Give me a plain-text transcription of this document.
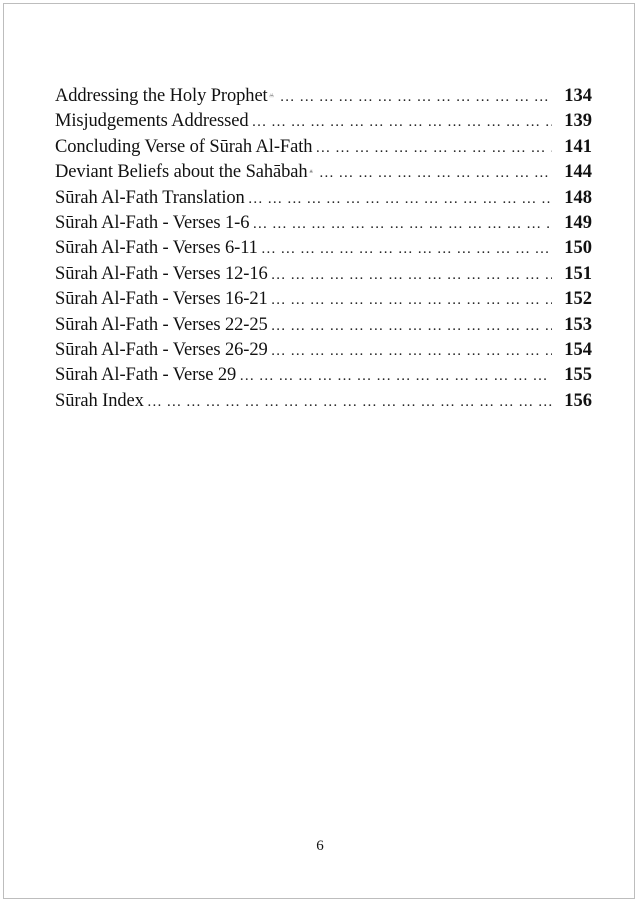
Addressing the Holy Prophet … … … … … … … … … … … … … … … … … … … … … … … … … … … … … … … … … … … … … … …	134
Misjudgements Addressed … … … … … … … … … … … … … … … … … … … … … … … … … … … … … … … … … … … … … … …	139
Concluding Verse of Sūrah Al-Fath … … … … … … … … … … … … … … … … … … … … … … … … … … … … … … … … … … … … … … …	141
Deviant Beliefs about the Sahābah … … … … … … … … … … … … … … … … … … … … … … … … … … … … … … … … … … … … … … …	144
Sūrah Al-Fath Translation … … … … … … … … … … … … … … … … … … … … … … … … … … … … … … … … … … … … … … …	148
Sūrah Al-Fath - Verses 1-6 … … … … … … … … … … … … … … … … … … … … … … … … … … … … … … … … … … … … … … …	149
Sūrah Al-Fath - Verses 6-11 … … … … … … … … … … … … … … … … … … … … … … … … … … … … … … … … … … … … … … …	150
Sūrah Al-Fath - Verses 12-16 … … … … … … … … … … … … … … … … … … … … … … … … … … … … … … … … … … … … … … …	151
Sūrah Al-Fath - Verses 16-21 … … … … … … … … … … … … … … … … … … … … … … … … … … … … … … … … … … … … … … …	152
Sūrah Al-Fath - Verses 22-25 … … … … … … … … … … … … … … … … … … … … … … … … … … … … … … … … … … … … … … …	153
Sūrah Al-Fath - Verses 26-29 … … … … … … … … … … … … … … … … … … … … … … … … … … … … … … … … … … … … … … …	154
Sūrah Al-Fath - Verse 29 … … … … … … … … … … … … … … … … … … … … … … … … … … … … … … … … … … … … … … …	155
Sūrah Index … … … … … … … … … … … … … … … … … … … … … … … … … … … … … … … … … … … … … … …	156
6
